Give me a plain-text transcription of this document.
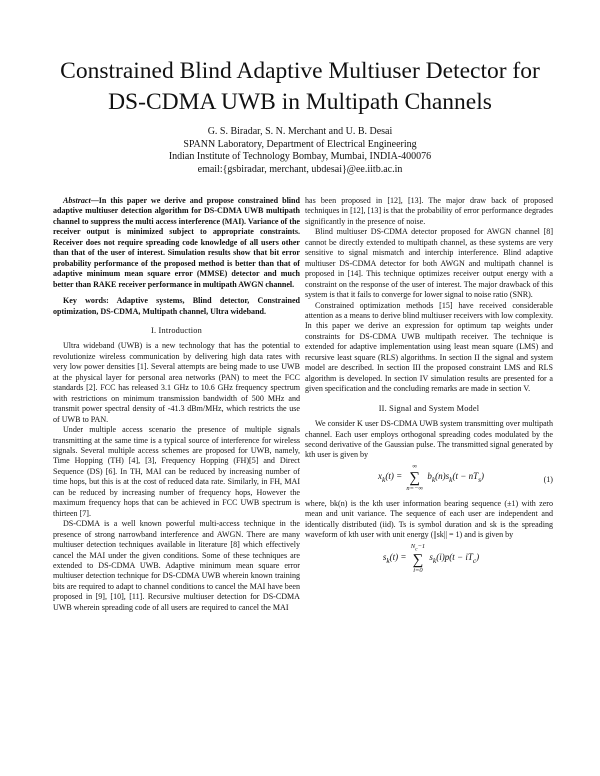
Constrained Blind Adaptive Multiuser Detector for
DS-CDMA UWB in Multipath Channels
G. S. Biradar, S. N. Merchant and U. B. Desai
SPANN Laboratory, Department of Electrical Engineering
Indian Institute of Technology Bombay, Mumbai, INDIA-400076
email:{gsbiradar, merchant, ubdesai}@ee.iitb.ac.in

Abstract—In this paper we derive and propose constrained blind adaptive multiuser detection algorithm for DS-CDMA UWB multipath channel to suppress the multi access interference (MAI). Variance of the receiver output is minimized subject to appropriate constraints. Receiver does not require spreading code knowledge of all users other than that of the user of interest. Simulation results show that bit error probability performance of the proposed method is better than that of adaptive minimum mean square error (MMSE) detector and much better than RAKE receiver performance in multipath AWGN channel.

Key words: Adaptive systems, Blind detector, Constrained optimization, DS-CDMA, Multipath channel, Ultra wideband.

I. Introduction

Ultra wideband (UWB) is a new technology that has the potential to revolutionize wireless communication by delivering high data rates with very low power densities [1]. Several attempts are being made to use UWB at the physical layer for personal area networks (PAN) to meet the FCC standards [2]. FCC has released 3.1 GHz to 10.6 GHz frequency spectrum with restrictions on minimum transmission bandwidth of 500 MHz and transmit power spectral density of -41.3 dBm/MHz, which restricts the use of UWB to PAN.

Under multiple access scenario the presence of multiple signals transmitting at the same time is a typical source of interference for wireless signals. Several multiple access schemes are proposed for UWB, namely, Time Hopping (TH) [4], [3], Frequency Hopping (FH)[5] and Direct Sequence (DS) [6]. In TH, MAI can be reduced by increasing number of time hops, but this is at the cost of reduced data rate. Similarly, in FH, MAI can be reduced by increasing number of frequency hops, However the maximum frequency hops that can be achieved in FCC UWB spectrum is thirteen [7].

DS-CDMA is a well known powerful multi-access technique in the presence of strong narrowband interference and AWGN. There are many multiuser detection techniques available in literature [8] which effectively cancel the MAI under the given conditions. Some of these techniques are extended to DS-CDMA UWB. Adaptive minimum mean square error multiuser detection technique for DS-CDMA UWB wherein known training bits are required to adapt to channel conditions to cancel the MAI have been proposed in [9], [10], [11]. Recursive multiuser detection for DS-CDMA UWB wherein spreading code of all users are required to cancel the MAI

has been proposed in [12], [13]. The major draw back of proposed techniques in [12], [13] is that the probability of error performance degrades significantly in the presence of noise.

Blind multiuser DS-CDMA detector proposed for AWGN channel [8] cannot be directly extended to multipath channel, as these systems are very sensitive to signal mismatch and interchip interference. Blind adaptive multiuser DS-CDMA detector for both AWGN and multipath channel is proposed in [14]. This technique optimizes receiver output energy with a constraint on the response of the user of interest. The major drawback of this system is that it fails to converge for lower signal to noise ratio (SNR).

Constrained optimization methods [15] have received considerable attention as a means to derive blind multiuser receivers with low complexity. In this paper we derive an expression for optimum tap weights under constraints for DS-CDMA UWB multipath receiver. The technique is extended for adaptive implementation using least mean square (LMS) and recursive least square (RLS) algorithms. In section II the signal and system model are described. In section III the proposed constraint LMS and RLS algorithm is developed. In section IV simulation results are presented for a given specification and the concluding remarks are made in section V.

II. Signal and System Model

We consider K user DS-CDMA UWB system transmitting over multipath channel. Each user employs orthogonal spreading codes modulated by the second derivative of the Gaussian pulse. The transmitted signal generated by kth user is given by

$x_k(t)$ =
∞
∑
n=−∞
$b_k(n)s_k(t - nT_s)$	(1)

where, bk(n) is the kth user information bearing sequence (±1) with zero mean and unit variance. The sequence of each user are independent and identically distributed (iid). Ts is symbol duration and sk is the spreading waveform of kth user with unit energy (||sk|| = 1) and is given by

$s_k(t)$ =
$N_c-1$
∑
i=0
$s_k(i)p(t - iT_c)$
